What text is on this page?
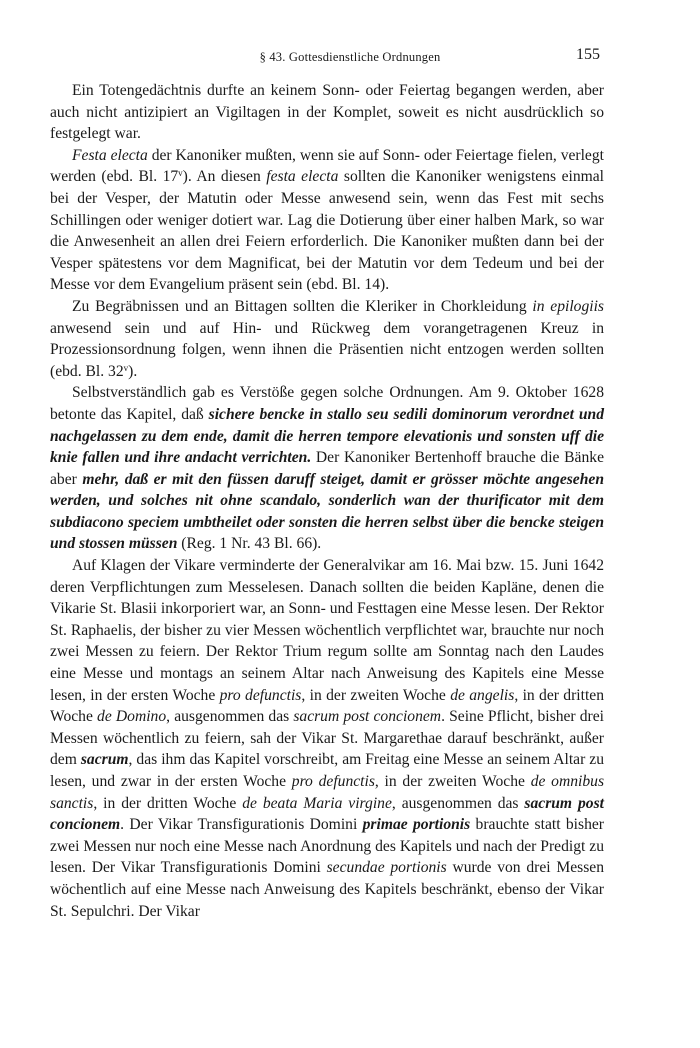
§ 43. Gottesdienstliche Ordnungen	155

Ein Totengedächtnis durfte an keinem Sonn- oder Feiertag begangen werden, aber auch nicht antizipiert an Vigiltagen in der Komplet, soweit es nicht ausdrücklich so festgelegt war.

Festa electa der Kanoniker mußten, wenn sie auf Sonn- oder Feiertage fielen, verlegt werden (ebd. Bl. 17$^v$). An diesen festa electa sollten die Kanoniker wenigstens einmal bei der Vesper, der Matutin oder Messe anwesend sein, wenn das Fest mit sechs Schillingen oder weniger dotiert war. Lag die Dotierung über einer halben Mark, so war die Anwesenheit an allen drei Feiern erforderlich. Die Kanoniker mußten dann bei der Vesper spätestens vor dem Magnificat, bei der Matutin vor dem Tedeum und bei der Messe vor dem Evangelium präsent sein (ebd. Bl. 14).

Zu Begräbnissen und an Bittagen sollten die Kleriker in Chorkleidung in epilogiis anwesend sein und auf Hin- und Rückweg dem vorangetragenen Kreuz in Prozessionsordnung folgen, wenn ihnen die Präsentien nicht entzogen werden sollten (ebd. Bl. 32$^v$).

Selbstverständlich gab es Verstöße gegen solche Ordnungen. Am 9. Oktober 1628 betonte das Kapitel, daß sichere bencke in stallo seu sedili dominorum verordnet und nachgelassen zu dem ende, damit die herren tempore elevationis und sonsten uff die knie fallen und ihre andacht verrichten. Der Kanoniker Bertenhoff brauche die Bänke aber mehr, daß er mit den füssen daruff steiget, damit er grösser möchte angesehen werden, und solches nit ohne scandalo, sonderlich wan der thurificator mit dem subdiacono speciem umbtheilet oder sonsten die herren selbst über die bencke steigen und stossen müssen (Reg. 1 Nr. 43 Bl. 66).

Auf Klagen der Vikare verminderte der Generalvikar am 16. Mai bzw. 15. Juni 1642 deren Verpflichtungen zum Messelesen. Danach sollten die beiden Kapläne, denen die Vikarie St. Blasii inkorporiert war, an Sonn- und Festtagen eine Messe lesen. Der Rektor St. Raphaelis, der bisher zu vier Messen wöchentlich verpflichtet war, brauchte nur noch zwei Messen zu feiern. Der Rektor Trium regum sollte am Sonntag nach den Laudes eine Messe und montags an seinem Altar nach Anweisung des Kapitels eine Messe lesen, in der ersten Woche pro defunctis, in der zweiten Woche de angelis, in der dritten Woche de Domino, ausgenommen das sacrum post concionem. Seine Pflicht, bisher drei Messen wöchentlich zu feiern, sah der Vikar St. Margarethae darauf beschränkt, außer dem sacrum, das ihm das Kapitel vorschreibt, am Freitag eine Messe an seinem Altar zu lesen, und zwar in der ersten Woche pro defunctis, in der zweiten Woche de omnibus sanctis, in der dritten Woche de beata Maria virgine, ausgenommen das sacrum post concionem. Der Vikar Transfigurationis Domini primae portionis brauchte statt bisher zwei Messen nur noch eine Messe nach Anordnung des Kapitels und nach der Predigt zu lesen. Der Vikar Transfigurationis Domini secundae portionis wurde von drei Messen wöchentlich auf eine Messe nach Anweisung des Kapitels beschränkt, ebenso der Vikar St. Sepulchri. Der Vikar
